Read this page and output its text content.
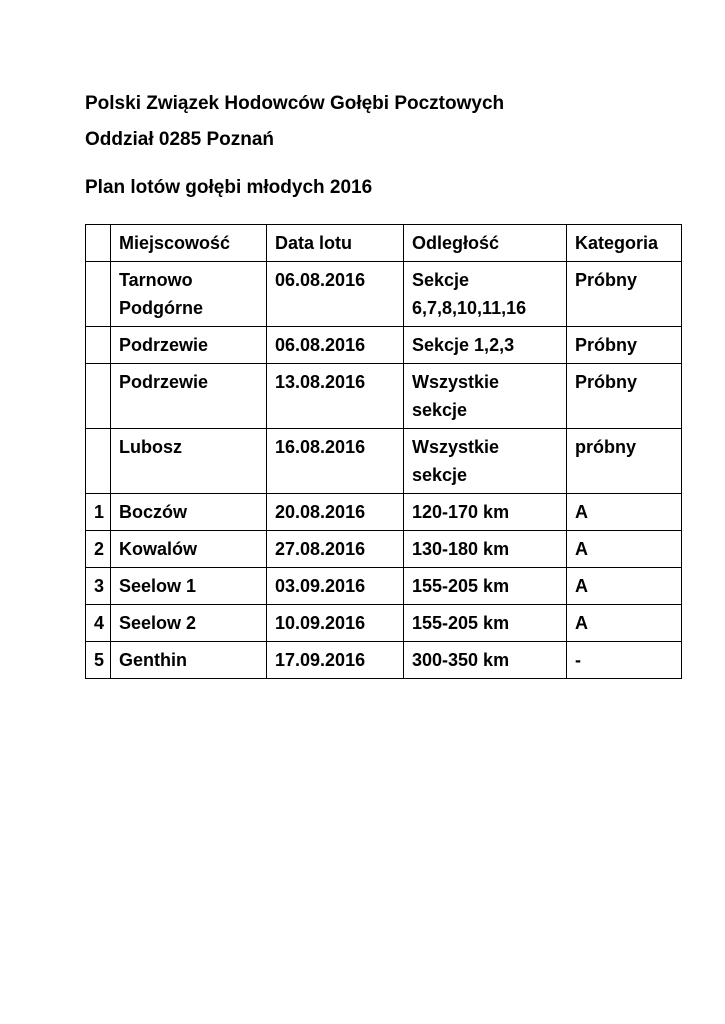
Polski Związek Hodowców Gołębi Pocztowych
Oddział 0285 Poznań
Plan lotów gołębi młodych 2016
	Miejscowość	Data lotu	Odległość	Kategoria
	Tarnowo Podgórne	06.08.2016	Sekcje 6,7,8,10,11,16	Próbny
	Podrzewie	06.08.2016	Sekcje 1,2,3	Próbny
	Podrzewie	13.08.2016	Wszystkie sekcje	Próbny
	Lubosz	16.08.2016	Wszystkie sekcje	próbny
1	Boczów	20.08.2016	120-170 km	A
2	Kowalów	27.08.2016	130-180 km	A
3	Seelow 1	03.09.2016	155-205 km	A
4	Seelow 2	10.09.2016	155-205 km	A
5	Genthin	17.09.2016	300-350 km	-
